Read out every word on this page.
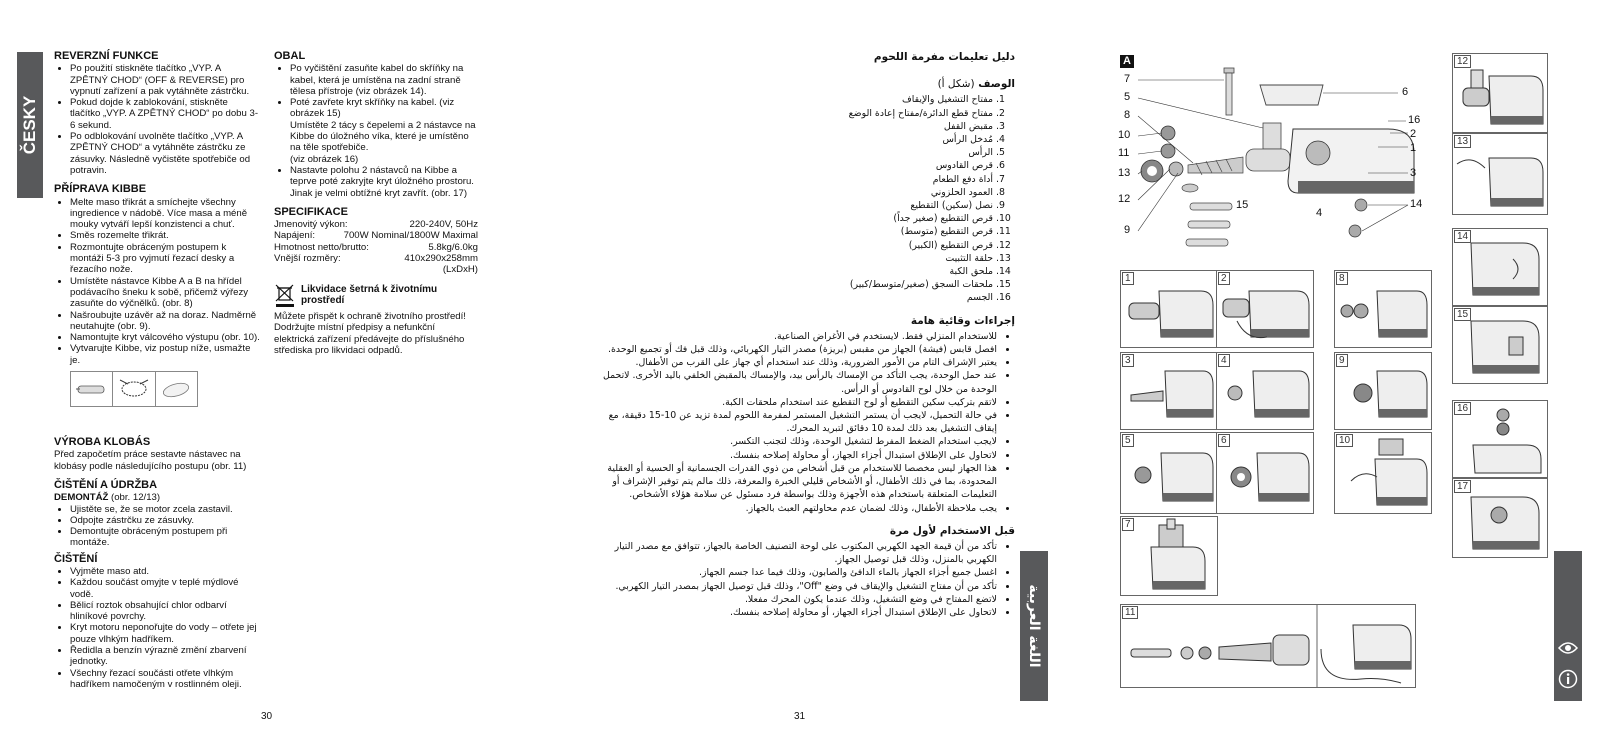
ČESKY
REVERZNÍ FUNKCE
• Po použití stiskněte tlačítko „VYP. A ZPĚTNÝ CHOD“ (OFF & REVERSE) pro vypnutí zařízení a pak vytáhněte zástrčku.
• Pokud dojde k zablokování, stiskněte tlačítko „VYP. A ZPĚTNÝ CHOD“ po dobu 3-6 sekund.
• Po odblokování uvolněte tlačítko „VYP. A ZPĚTNÝ CHOD“ a vytáhněte zástrčku ze zásuvky. Následně vyčistěte spotřebiče od potravin.
PŘÍPRAVA KIBBE
• Melte maso třikrát a smíchejte všechny ingredience v nádobě. Více masa a méně mouky vytváří lepší konzistenci a chuť.
• Směs rozemelte třikrát.
• Rozmontujte obráceným postupem k montáži 5-3 pro vyjmutí řezací desky a řezacího nože.
• Umístěte nástavce Kibbe A a B na hřídel podávacího šneku k sobě, přičemž výřezy zasuňte do výčnělků. (obr. 8)
• Našroubujte uzávěr až na doraz. Nadměrně neutahujte (obr. 9).
• Namontujte kryt válcového výstupu (obr. 10).
• Vytvarujte Kibbe, viz postup níže, usmažte je.
VÝROBA KLOBÁS

Před započetím práce sestavte nástavec na klobásy podle následujícího postupu (obr. 11)

ČIŠTĚNÍ A ÚDRŽBA
DEMONTÁŽ (obr. 12/13)
• Ujistěte se, že se motor zcela zastavil.
• Odpojte zástrčku ze zásuvky.
• Demontujte obráceným postupem při montáže.
ČIŠTĚNÍ
• Vyjměte maso atd.
• Každou součást omyjte v teplé mýdlové vodě.
• Bělicí roztok obsahující chlor odbarví hliníkové povrchy.
• Kryt motoru neponořujte do vody – otřete jej pouze vlhkým hadříkem.
• Ředidla a benzín výrazně změní zbarvení jednotky.
• Všechny řezací součásti otřete vlhkým hadříkem namočeným v rostlinném oleji.
OBAL
• Po vyčištění zasuňte kabel do skříňky na kabel, která je umístěna na zadní straně tělesa přístroje (viz obrázek 14).
• Poté zavřete kryt skříňky na kabel. (viz obrázek 15)
Umístěte 2 tácy s čepelemi a 2 nástavce na Kibbe do úložného víka, které je umístěno na těle spotřebiče.
(viz obrázek 16)
• Nastavte polohu 2 nástavců na Kibbe a teprve poté zakryjte kryt úložného prostoru. Jinak je velmi obtížné kryt zavřít. (obr. 17)
SPECIFIKACE
Jmenovitý výkon:	220-240V, 50Hz
Napájení:	700W Nominal/1800W Maximal
Hmotnost netto/brutto:	5.8kg/6.0kg
Vnější rozměry:	410x290x258mm
(LxDxH)
Likvidace šetrná k životnímu prostředí

Můžete přispět k ochraně životního prostředí! Dodržujte místní předpisy a nefunkční elektrická zařízení předávejte do příslušného střediska pro likvidaci odpadů.

30
دليل تعليمات مفرمة اللحوم
الوصف (شكل أ)
1. مفتاح التشغيل والإيقاف
2. مفتاح قطع الدائرة/مفتاح إعادة الوضع
3. مقبض القفل
4. مُدخل الرأس
5. الرأس
6. قرص القادوس
7. أداة دفع الطعام
8. العمود الحلزوني
9. نصل (سكين) التقطيع
10. قرص التقطيع (صغير جداً)
11. قرص التقطيع (متوسط)
12. قرص التقطيع (الكبير)
13. حلقة التثبيت
14. ملحق الكبة
15. ملحقات السجق (صغير/متوسط/كبير)
16. الجسم
إجراءات وقائية هامة
• للاستخدام المنزلي فقط. لايستخدم في الأغراض الصناعية.
• افصل قابس (فيشة) الجهاز من مقبس (بريزة) مصدر التيار الكهربائي، وذلك قبل فك أو تجميع الوحدة.
• يعتبر الإشراف التام من الأمور الضرورية، وذلك عند استخدام أي جهاز على القرب من الأطفال.
• عند حمل الوحدة، يجب التأكد من الإمساك بالرأس بيد، والإمساك بالمقبض الخلفي باليد الأخرى. لاتحمل الوحدة من خلال لوح القادوس أو الرأس.
• لاتقم بتركيب سكين التقطيع أو لوح التقطيع عند استخدام ملحقات الكبة.
• في حالة التحميل، لايجب أن يستمر التشغيل المستمر لمفرمة اللحوم لمدة تزيد عن 10-15 دقيقة، مع إيقاف التشغيل بعد ذلك لمدة 10 دقائق لتبريد المحرك.
• لايجب استخدام الضغط المفرط لتشغيل الوحدة، وذلك لتجنب التكسر.
• لاتحاول على الإطلاق استبدال أجزاء الجهاز، أو محاولة إصلاحه بنفسك.
• هذا الجهاز ليس مخصصا للاستخدام من قبل أشخاص من ذوي القدرات الجسمانية أو الحسية أو العقلية المحدودة، بما في ذلك الأطفال، أو الأشخاص قليلي الخبرة والمعرفة، ذلك مالم يتم توفير الإشراف أو التعليمات المتعلقة باستخدام هذه الأجهزة وذلك بواسطة فرد مسئول عن سلامة هؤلاء الأشخاص.
• يجب ملاحظة الأطفال، وذلك لضمان عدم محاولتهم العبث بالجهاز.
قبل الاستخدام لأول مرة
• تأكد من أن قيمة الجهد الكهربي المكتوب على لوحة التصنيف الخاصة بالجهاز، تتوافق مع مصدر التيار الكهربي بالمنزل، وذلك قبل توصيل الجهاز.
• اغسل جميع أجزاء الجهاز بالماء الدافئ والصابون، وذلك فيما عدا جسم الجهاز.
• تأكد من أن مفتاح التشغيل والإيقاف في وضع "Off"، وذلك قبل توصيل الجهاز بمصدر التيار الكهربي.
• لاتضع المفتاح في وضع التشغيل، وذلك عندما يكون المحرك مفعلا.
• لاتحاول على الإطلاق استبدال أجزاء الجهاز، أو محاولة إصلاحه بنفسك. اللغة العربية
31
A
7
5
8
10
11
13
12
9
15
4
14
6
16
2
1
3
1	2	8
3	9
4
5	6	10
7
11
12
13
14
15
16
17
